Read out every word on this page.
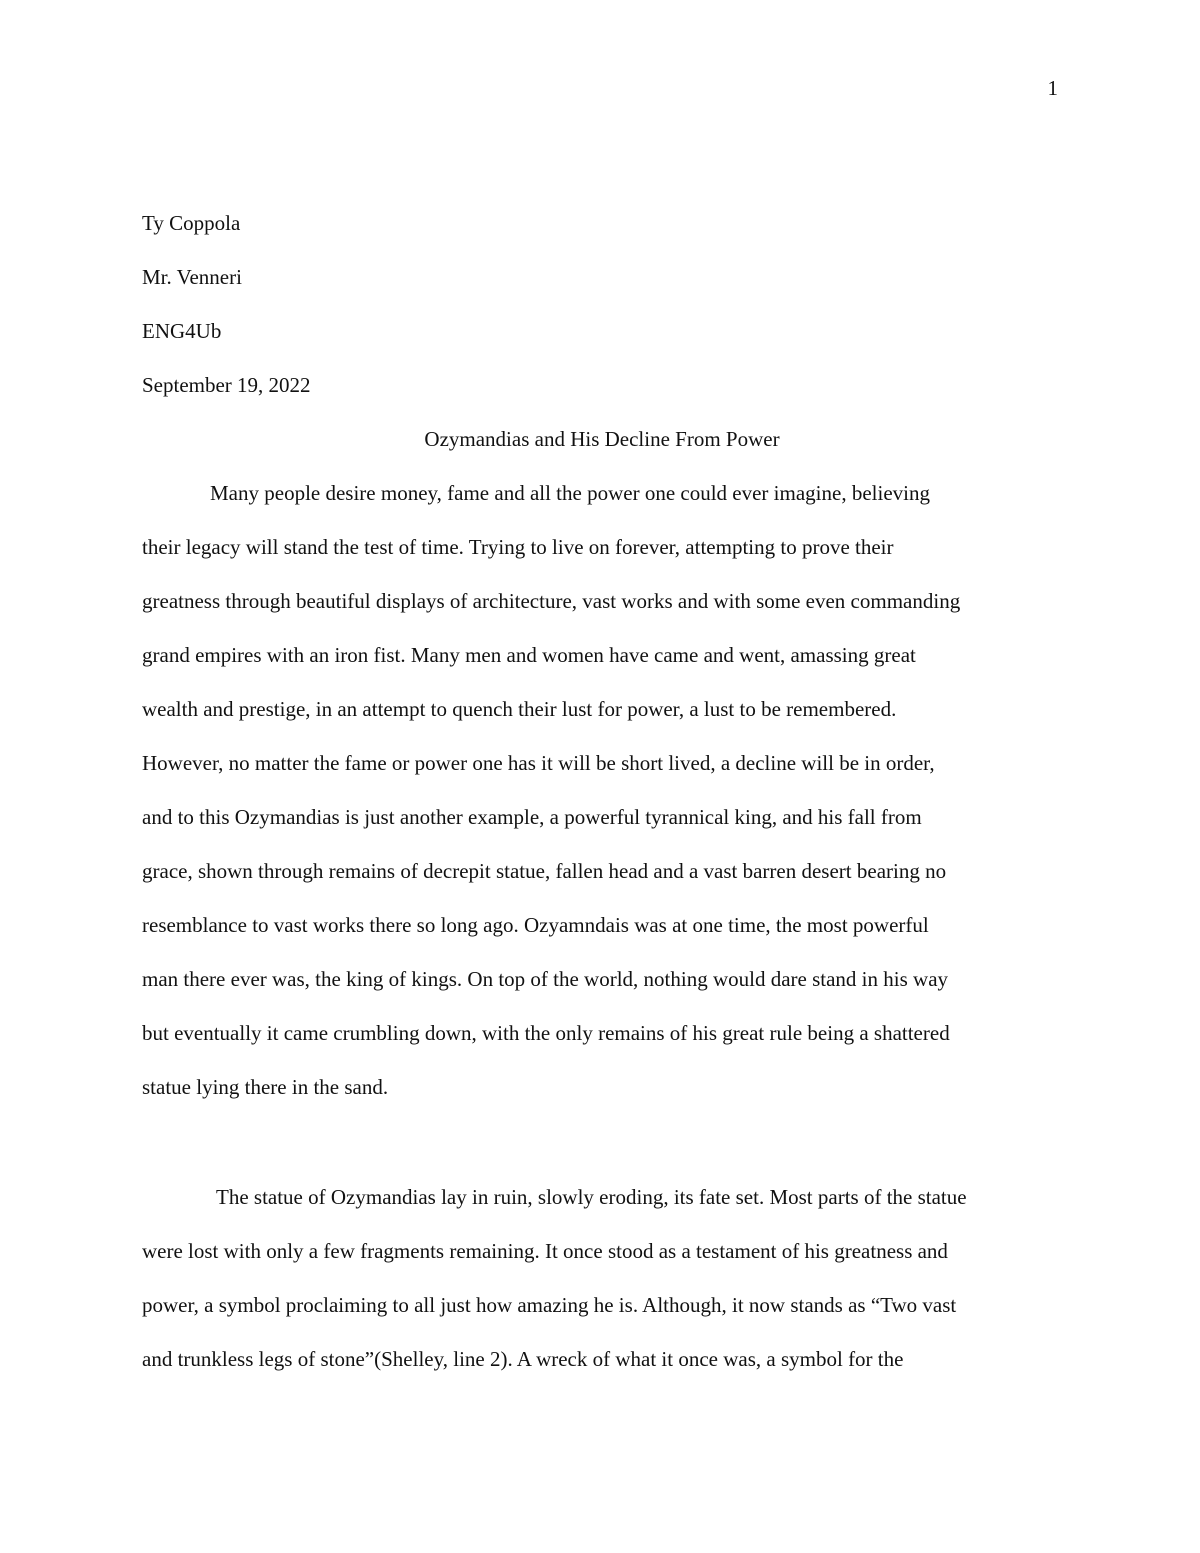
1
Ty Coppola
Mr. Venneri
ENG4Ub
September 19, 2022
Ozymandias and His Decline From Power
Many people desire money, fame and all the power one could ever imagine, believing
their legacy will stand the test of time. Trying to live on forever, attempting to prove their
greatness through beautiful displays of architecture, vast works and with some even commanding
grand empires with an iron fist. Many men and women have came and went, amassing great
wealth and prestige, in an attempt to quench their lust for power, a lust to be remembered.
However, no matter the fame or power one has it will be short lived, a decline will be in order,
and to this Ozymandias is just another example, a powerful tyrannical king, and his fall from
grace, shown through remains of decrepit statue, fallen head and a vast barren desert bearing no
resemblance to vast works there so long ago. Ozyamndais was at one time, the most powerful
man there ever was, the king of kings. On top of the world, nothing would dare stand in his way
but eventually it came crumbling down, with the only remains of his great rule being a shattered
statue lying there in the sand.
The statue of Ozymandias lay in ruin, slowly eroding, its fate set. Most parts of the statue
were lost with only a few fragments remaining. It once stood as a testament of his greatness and
power, a symbol proclaiming to all just how amazing he is. Although, it now stands as “Two vast
and trunkless legs of stone”(Shelley, line 2). A wreck of what it once was, a symbol for the
